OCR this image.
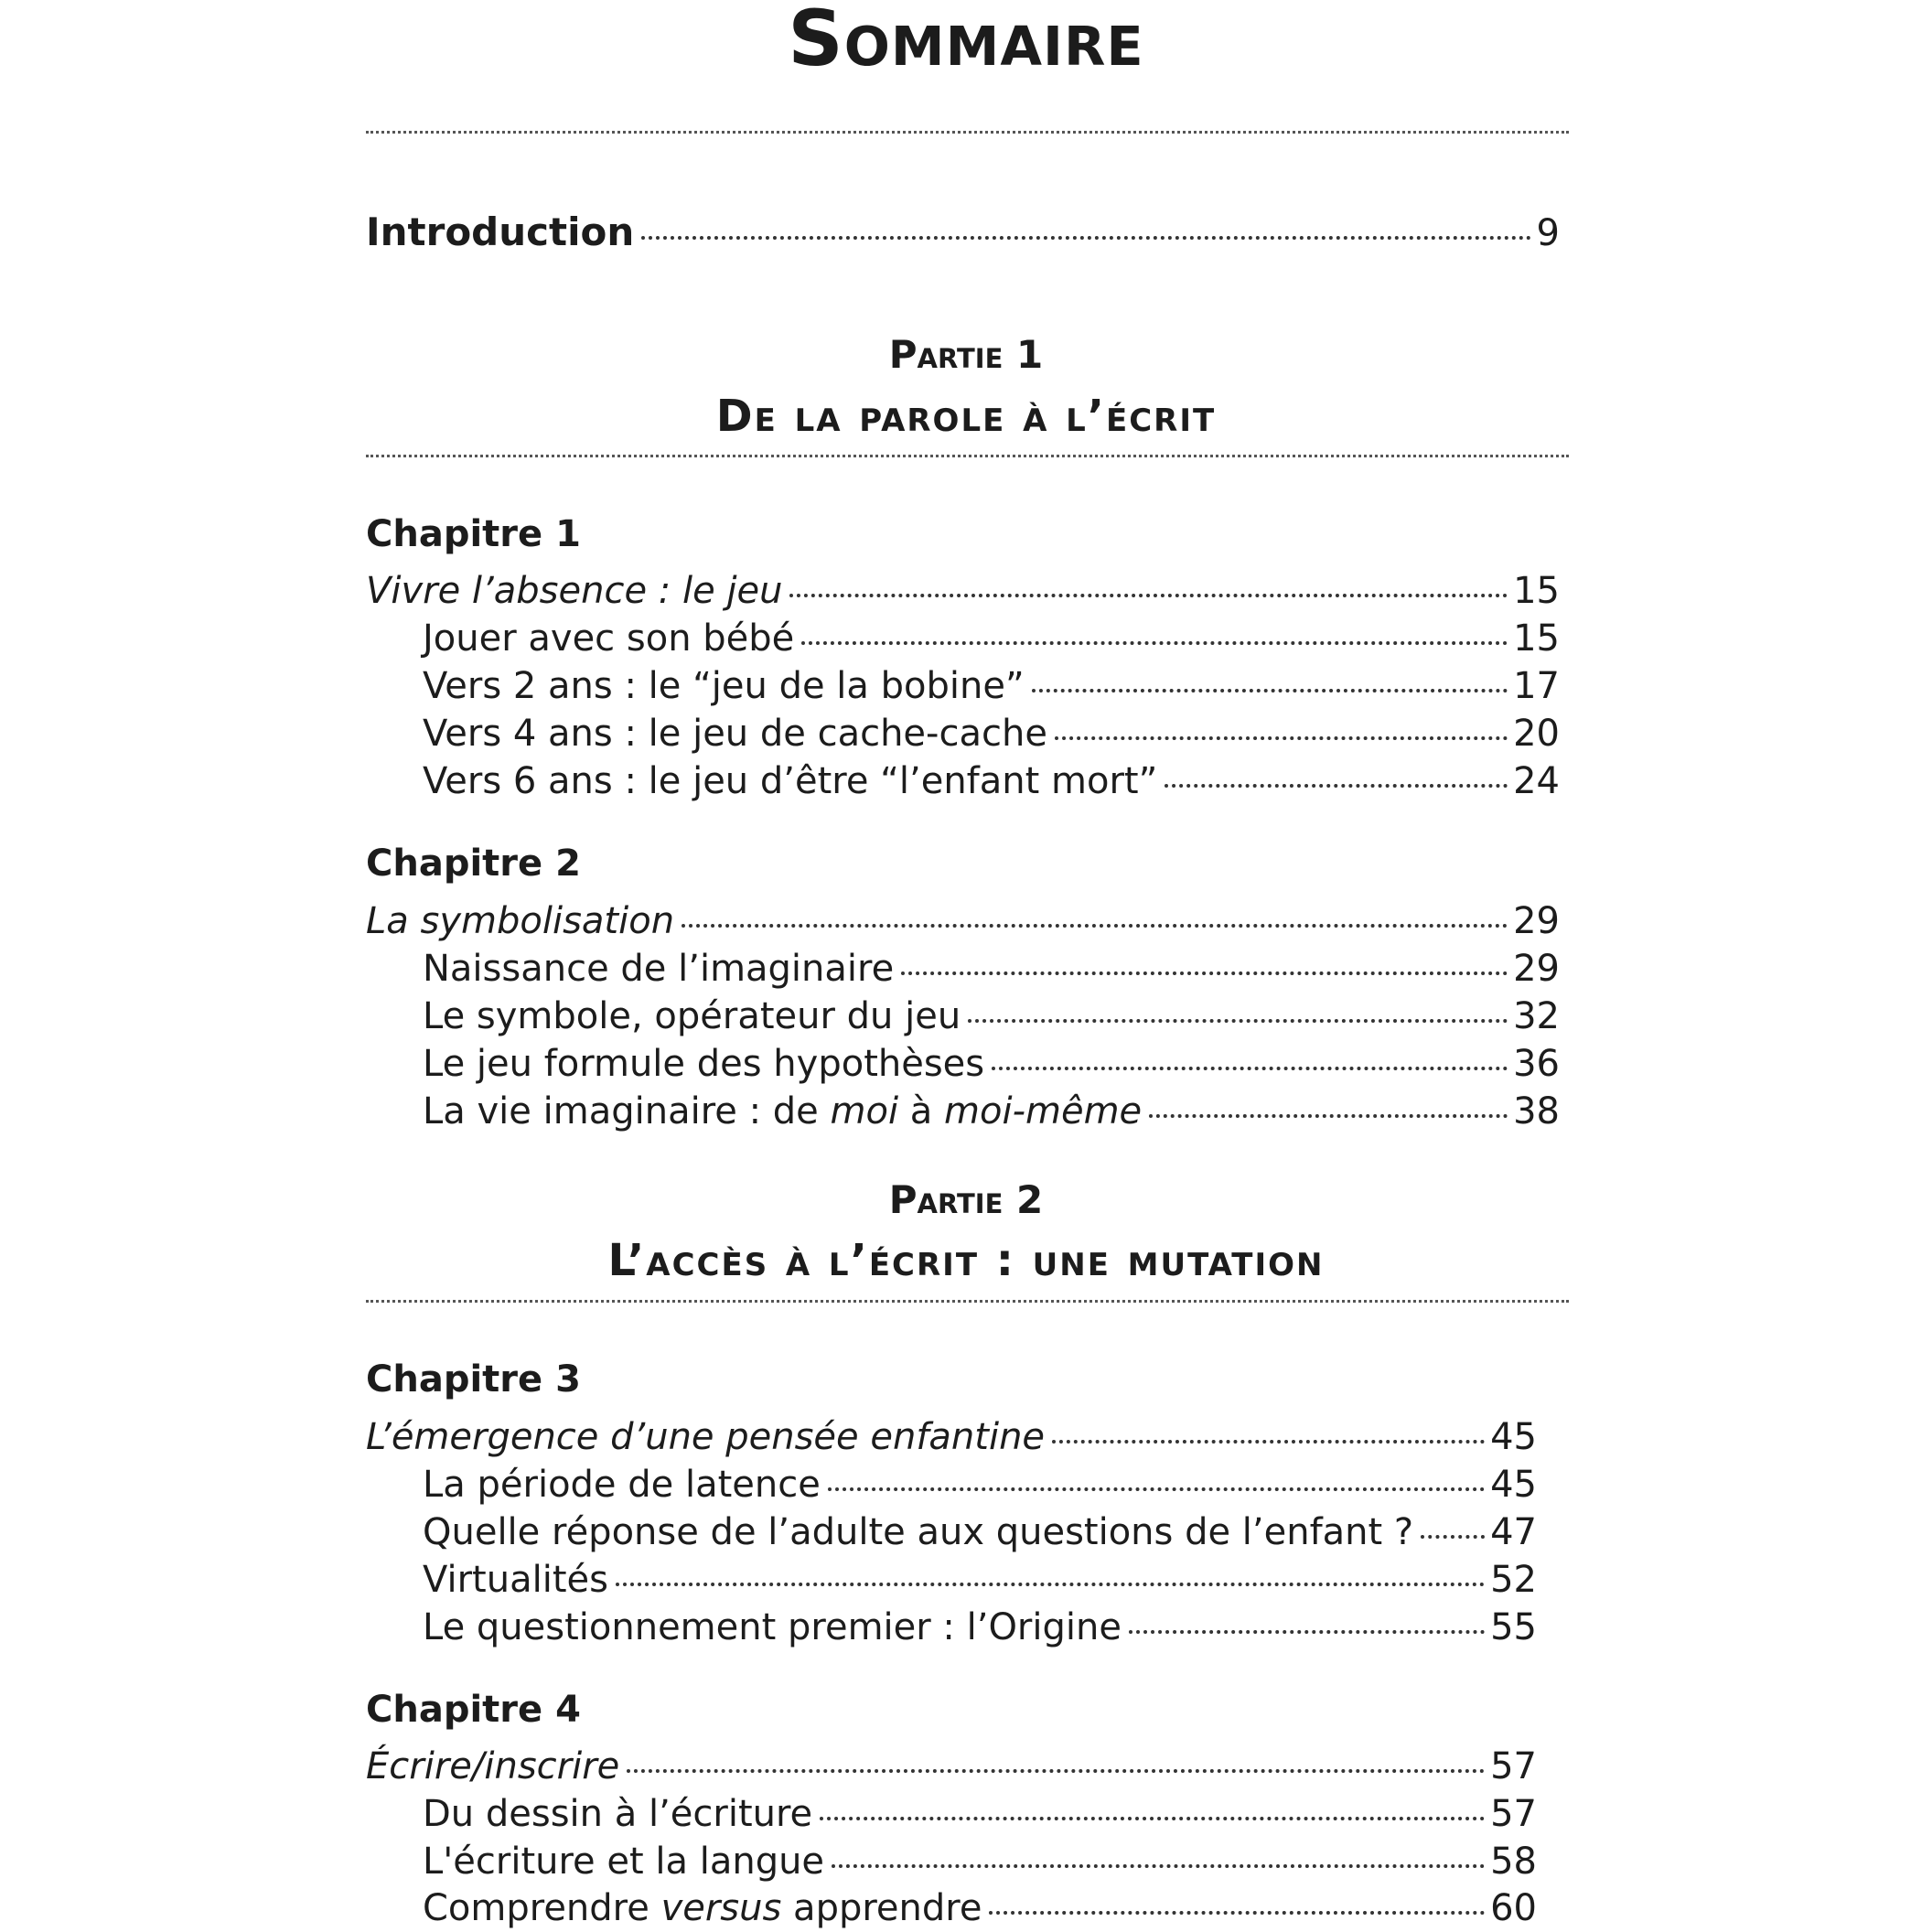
Sommaire
Introduction	9
Partie 1
De la parole à l’écrit
Chapitre 1
Vivre l’absence : le jeu	15
Jouer avec son bébé	15
Vers 2 ans : le “jeu de la bobine”	17
Vers 4 ans : le jeu de cache-cache	20
Vers 6 ans : le jeu d’être “l’enfant mort”	24
Chapitre 2
La symbolisation	29
Naissance de l’imaginaire	29
Le symbole, opérateur du jeu	32
Le jeu formule des hypothèses	36
La vie imaginaire : de moi à moi-même	38
Partie 2
L’accès à l’écrit : une mutation
Chapitre 3
L’émergence d’une pensée enfantine	45
La période de latence	45
Quelle réponse de l’adulte aux questions de l’enfant ? 47
Virtualités	52
Le questionnement premier : l’Origine	55
Chapitre 4
Écrire/inscrire	57
Du dessin à l’écriture	57
L'écriture et la langue	58
Comprendre versus apprendre	60
